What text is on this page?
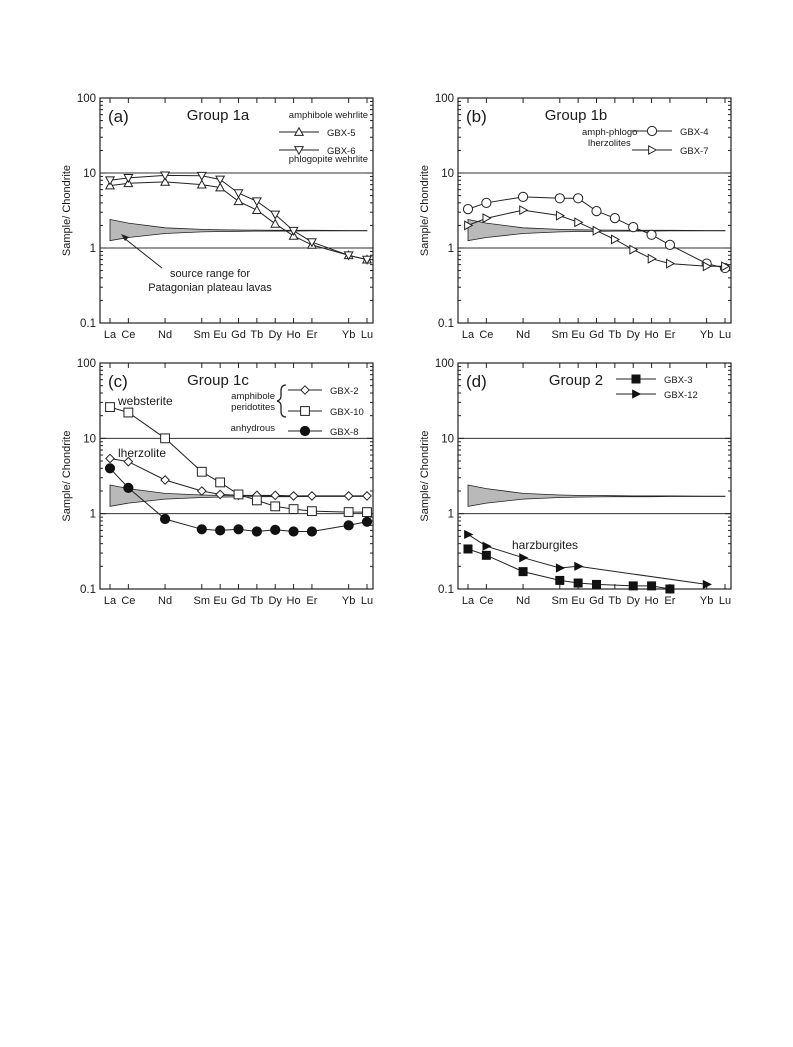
100
10
1
0.1
La Ce Nd Sm Eu Gd Tb Dy Ho Er Yb Lu
Sample/ Chondrite
(a)	Group 1a
100
10
1
0.1
La Ce Nd Sm Eu Gd Tb Dy Ho Er Yb Lu
Sample/ Chondrite
(b)	Group 1b
100
10
1
0.1
La Ce Nd Sm Eu Gd Tb Dy Ho Er Yb Lu
Sample/ Chondrite
(c)	Group 1c
100
10
1
0.1
La Ce Nd Sm Eu Gd Tb Dy Ho Er Yb Lu
Sample/ Chondrite
(d)	Group 2
amphibole wehrlite
GBX-5
GBX-6
phlogopite wehrlite
source range for
Patagonian plateau lavas
amph-phlogo lherzolites
GBX-4
GBX-7
amphibole peridotites
GBX-2
GBX-10
anhydrous	GBX-8
websterite
lherzolite
GBX-3
GBX-12
harzburgites
